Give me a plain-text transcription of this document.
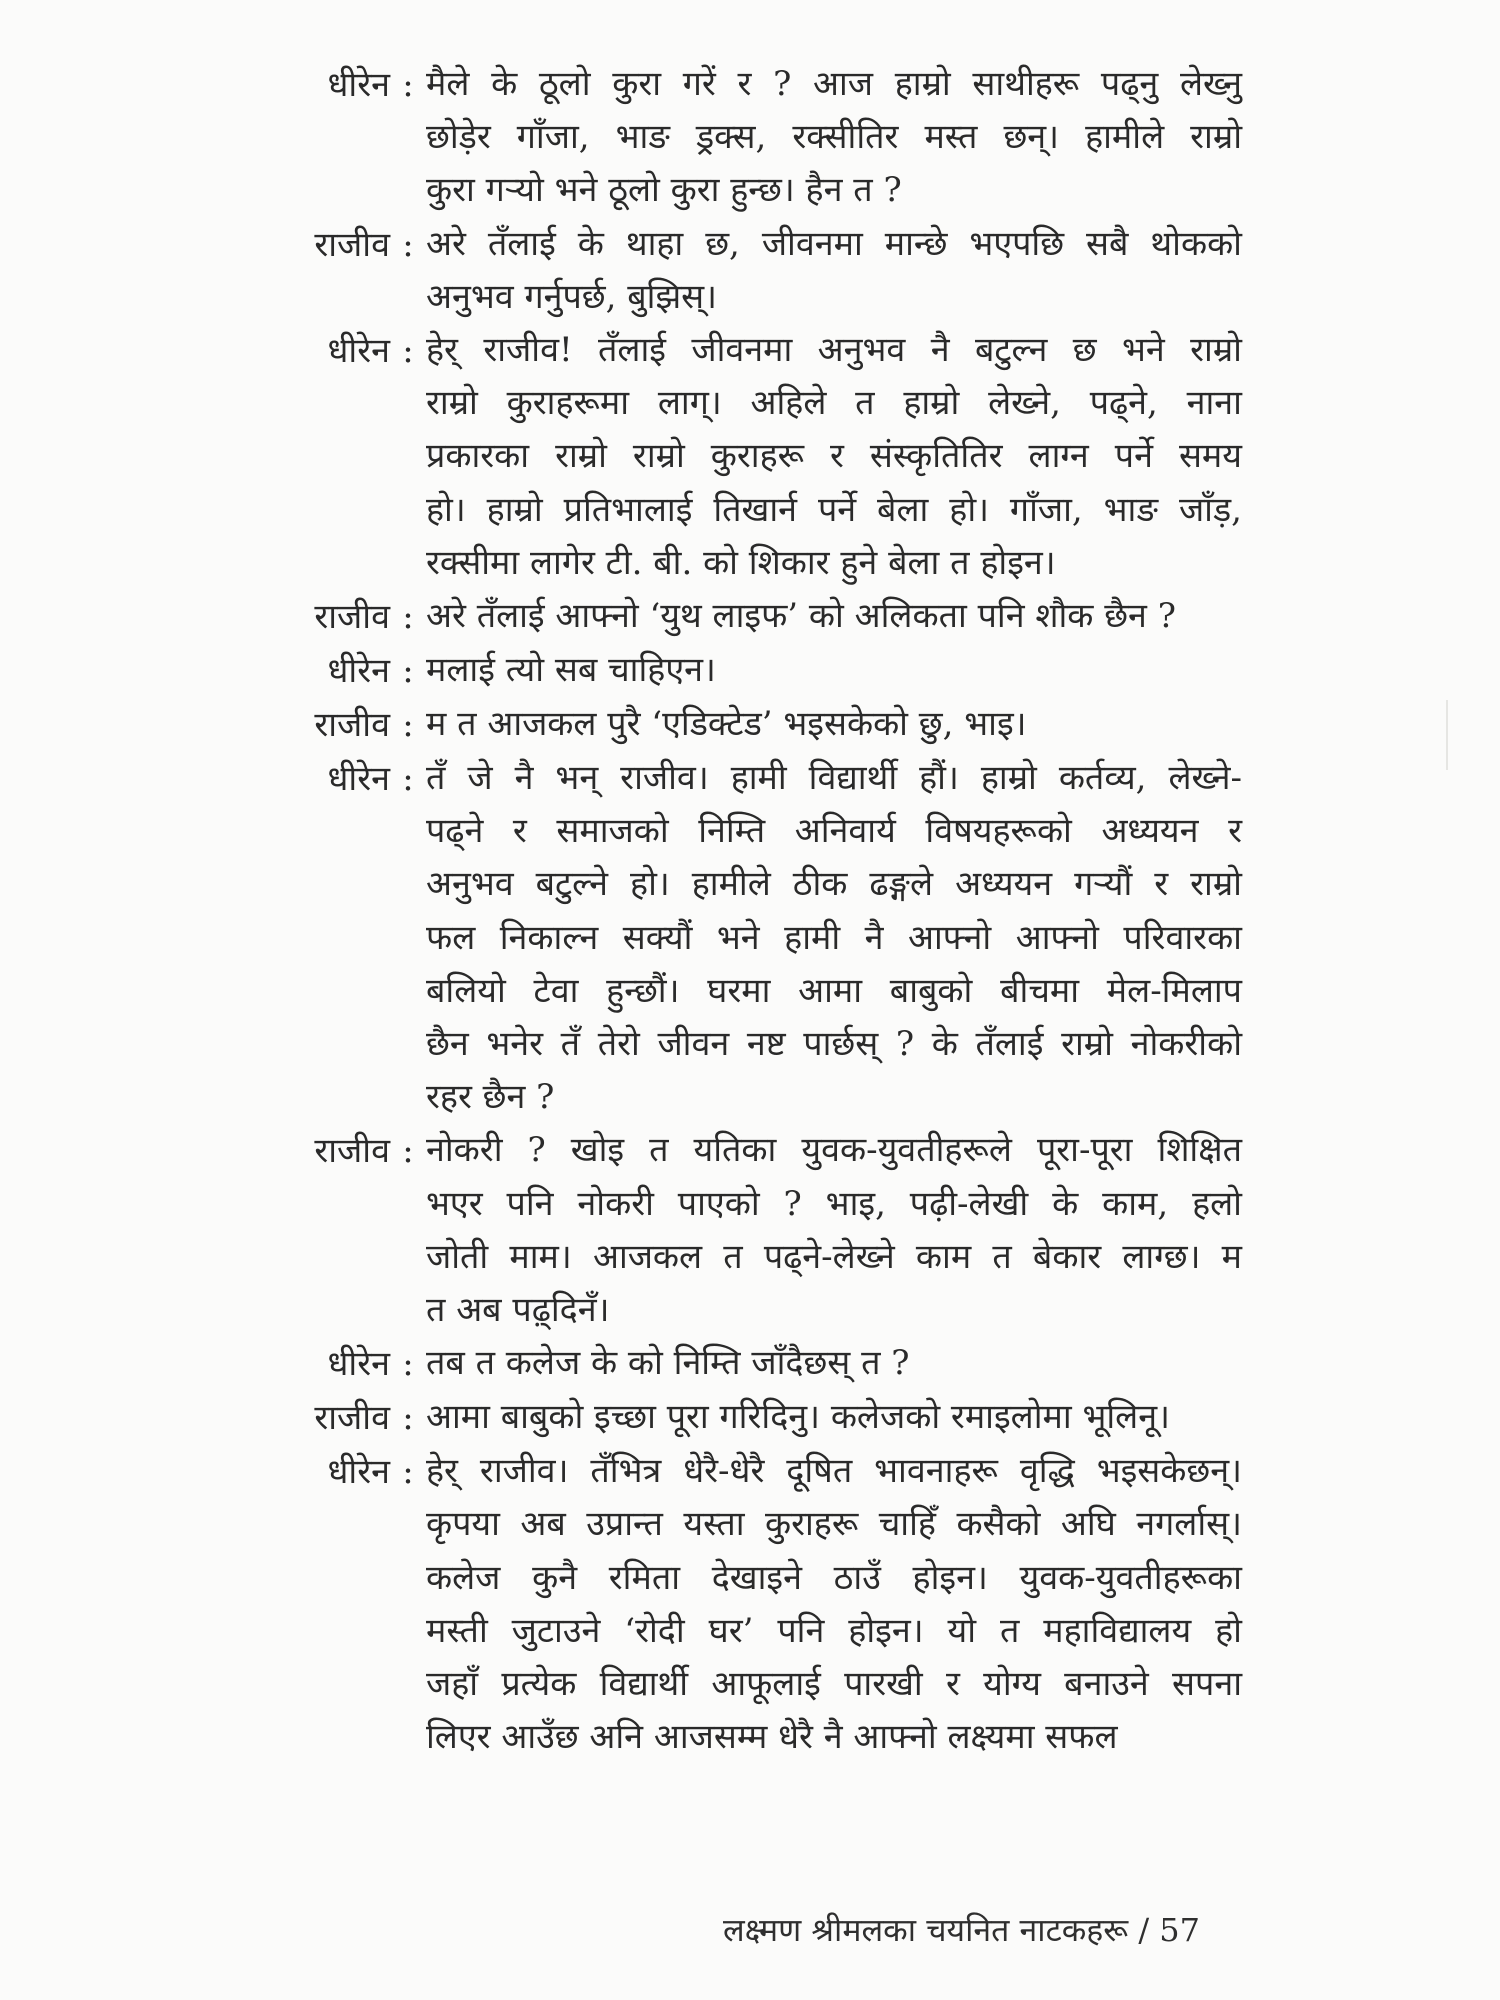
धीरेन : मैले के ठूलो कुरा गरें र ? आज हाम्रो साथीहरू पढ्नु लेख्नु
छोड़ेर गाँजा, भाङ ड्रक्स, रक्सीतिर मस्त छन्। हामीले राम्रो
कुरा गऱ्यो भने ठूलो कुरा हुन्छ। हैन त ?
राजीव : अरे तँलाई के थाहा छ, जीवनमा मान्छे भएपछि सबै थोकको
अनुभव गर्नुपर्छ, बुझिस्।
धीरेन : हेर् राजीव! तँलाई जीवनमा अनुभव नै बटुल्न छ भने राम्रो
राम्रो कुराहरूमा लाग्। अहिले त हाम्रो लेख्ने, पढ्ने, नाना
प्रकारका राम्रो राम्रो कुराहरू र संस्कृतितिर लाग्न पर्ने समय
हो। हाम्रो प्रतिभालाई तिखार्न पर्ने बेला हो। गाँजा, भाङ जाँड़,
रक्सीमा लागेर टी. बी. को शिकार हुने बेला त होइन।
राजीव : अरे तँलाई आफ्नो ‘युथ लाइफ’ को अलिकता पनि शौक छैन ?
धीरेन : मलाई त्यो सब चाहिएन।
राजीव : म त आजकल पुरै ‘एडिक्टेड’ भइसकेको छु, भाइ।
धीरेन : तँ जे नै भन् राजीव। हामी विद्यार्थी हौं। हाम्रो कर्तव्य, लेख्ने-
पढ्ने र समाजको निम्ति अनिवार्य विषयहरूको अध्ययन र
अनुभव बटुल्ने हो। हामीले ठीक ढङ्गले अध्ययन गर्‍यौं र राम्रो
फल निकाल्न सक्यौं भने हामी नै आफ्नो आफ्नो परिवारका
बलियो टेवा हुन्छौं। घरमा आमा बाबुको बीचमा मेल-मिलाप
छैन भनेर तँ तेरो जीवन नष्ट पार्छस् ? के तँलाई राम्रो नोकरीको
रहर छैन ?
राजीव : नोकरी ? खोइ त यतिका युवक-युवतीहरूले पूरा-पूरा शिक्षित
भएर पनि नोकरी पाएको ? भाइ, पढ़ी-लेखी के काम, हलो
जोती माम। आजकल त पढ्ने-लेख्ने काम त बेकार लाग्छ। म
त अब पढ़्दिनँ।
धीरेन : तब त कलेज के को निम्ति जाँदैछस् त ?
राजीव : आमा बाबुको इच्छा पूरा गरिदिनु। कलेजको रमाइलोमा भूलिनू।
धीरेन : हेर् राजीव। तँभित्र धेरै-धेरै दूषित भावनाहरू वृद्धि भइसकेछन्।
कृपया अब उप्रान्त यस्ता कुराहरू चाहिँ कसैको अघि नगर्लास्।
कलेज कुनै रमिता देखाइने ठाउँ होइन। युवक-युवतीहरूका
मस्ती जुटाउने ‘रोदी घर’ पनि होइन। यो त महाविद्यालय हो
जहाँ प्रत्येक विद्यार्थी आफूलाई पारखी र योग्य बनाउने सपना
लिएर आउँछ अनि आजसम्म धेरै नै आफ्नो लक्ष्यमा सफल
लक्ष्मण श्रीमलका चयनित नाटकहरू / 57
